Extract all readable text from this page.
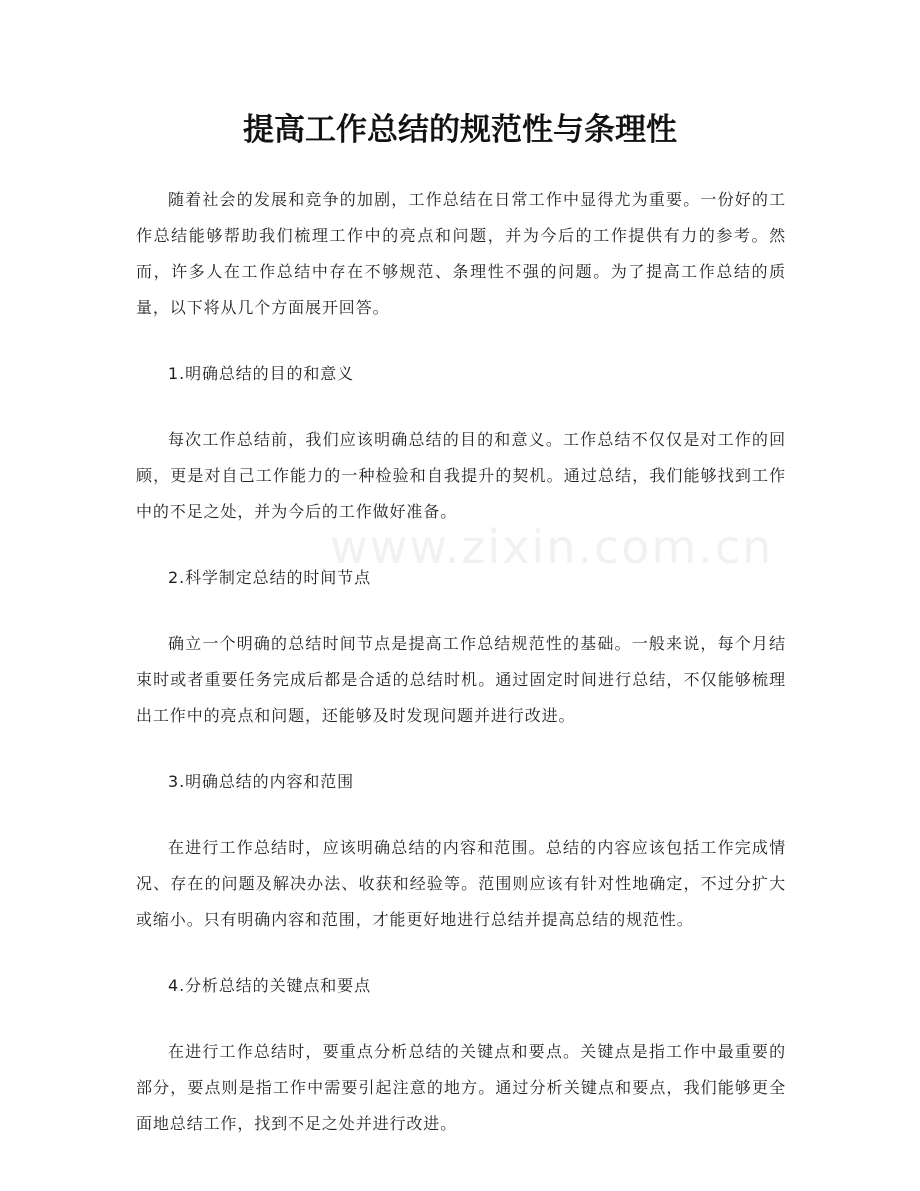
www.zixin.com.cn
提高工作总结的规范性与条理性

随着社会的发展和竞争的加剧，工作总结在日常工作中显得尤为重要。一份好的工作总结能够帮助我们梳理工作中的亮点和问题，并为今后的工作提供有力的参考。然而，许多人在工作总结中存在不够规范、条理性不强的问题。为了提高工作总结的质量，以下将从几个方面展开回答。

1.明确总结的目的和意义

每次工作总结前，我们应该明确总结的目的和意义。工作总结不仅仅是对工作的回顾，更是对自己工作能力的一种检验和自我提升的契机。通过总结，我们能够找到工作中的不足之处，并为今后的工作做好准备。

2.科学制定总结的时间节点

确立一个明确的总结时间节点是提高工作总结规范性的基础。一般来说，每个月结束时或者重要任务完成后都是合适的总结时机。通过固定时间进行总结，不仅能够梳理出工作中的亮点和问题，还能够及时发现问题并进行改进。

3.明确总结的内容和范围

在进行工作总结时，应该明确总结的内容和范围。总结的内容应该包括工作完成情况、存在的问题及解决办法、收获和经验等。范围则应该有针对性地确定，不过分扩大或缩小。只有明确内容和范围，才能更好地进行总结并提高总结的规范性。

4.分析总结的关键点和要点

在进行工作总结时，要重点分析总结的关键点和要点。关键点是指工作中最重要的部分，要点则是指工作中需要引起注意的地方。通过分析关键点和要点，我们能够更全面地总结工作，找到不足之处并进行改进。
